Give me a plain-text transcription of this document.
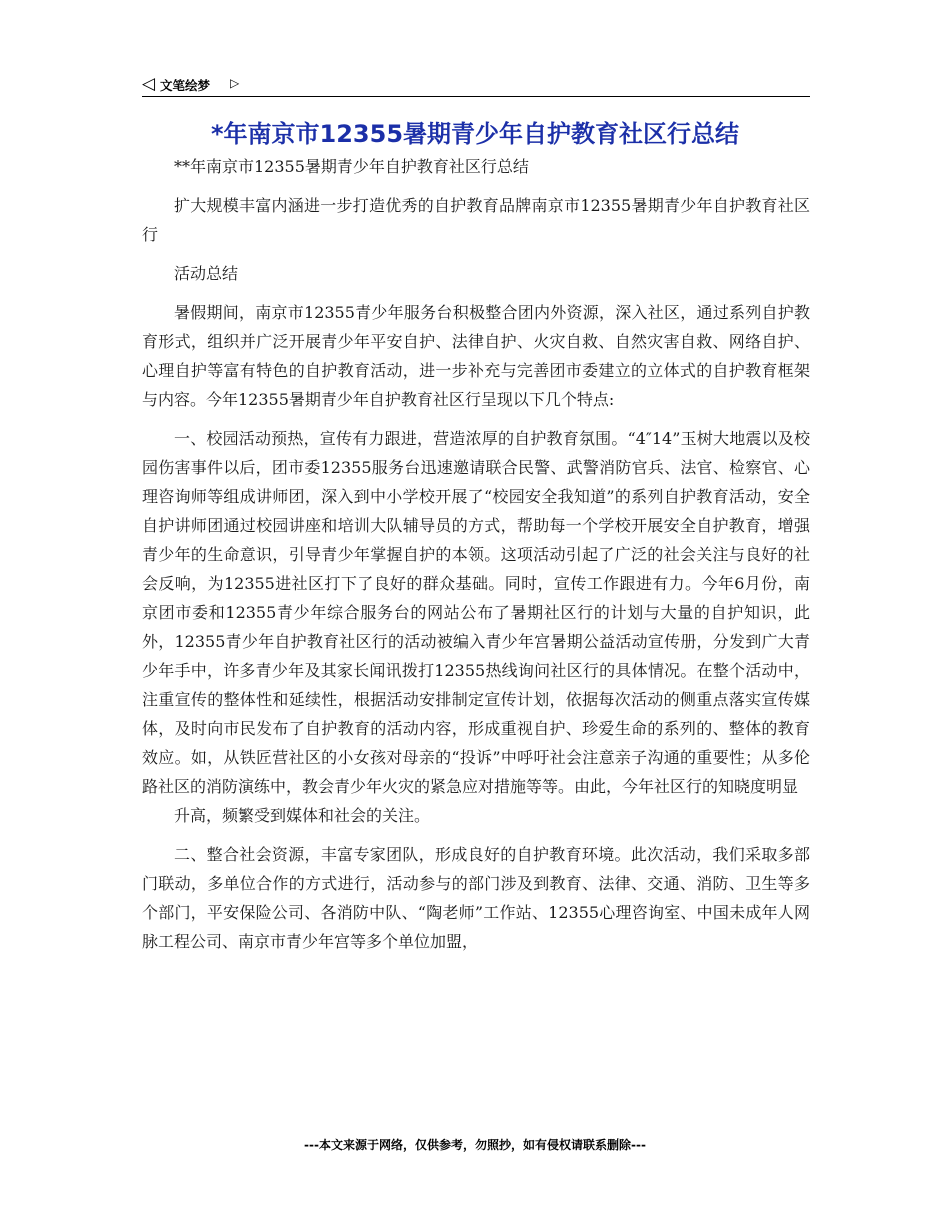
◁ 文笔绘梦 ▷
*年南京市12355暑期青少年自护教育社区行总结

**年南京市12355暑期青少年自护教育社区行总结

扩大规模丰富内涵进一步打造优秀的自护教育品牌南京市12355暑期青少年自护教育社区行

活动总结

暑假期间，南京市12355青少年服务台积极整合团内外资源，深入社区，通过系列自护教育形式，组织并广泛开展青少年平安自护、法律自护、火灾自救、自然灾害自救、网络自护、心理自护等富有特色的自护教育活动，进一步补充与完善团市委建立的立体式的自护教育框架与内容。今年12355暑期青少年自护教育社区行呈现以下几个特点:

一、校园活动预热，宣传有力跟进，营造浓厚的自护教育氛围。“4″14”玉树大地震以及校园伤害事件以后，团市委12355服务台迅速邀请联合民警、武警消防官兵、法官、检察官、心理咨询师等组成讲师团，深入到中小学校开展了“校园安全我知道”的系列自护教育活动，安全自护讲师团通过校园讲座和培训大队辅导员的方式，帮助每一个学校开展安全自护教育，增强青少年的生命意识，引导青少年掌握自护的本领。这项活动引起了广泛的社会关注与良好的社会反响，为12355进社区打下了良好的群众基础。同时，宣传工作跟进有力。今年6月份，南京团市委和12355青少年综合服务台的网站公布了暑期社区行的计划与大量的自护知识，此外，12355青少年自护教育社区行的活动被编入青少年宫暑期公益活动宣传册，分发到广大青少年手中，许多青少年及其家长闻讯拨打12355热线询问社区行的具体情况。在整个活动中，注重宣传的整体性和延续性，根据活动安排制定宣传计划，依据每次活动的侧重点落实宣传媒体，及时向市民发布了自护教育的活动内容，形成重视自护、珍爱生命的系列的、整体的教育效应。如，从铁匠营社区的小女孩对母亲的“投诉”中呼吁社会注意亲子沟通的重要性；从多伦路社区的消防演练中，教会青少年火灾的紧急应对措施等等。由此，今年社区行的知晓度明显

升高，频繁受到媒体和社会的关注。

二、整合社会资源，丰富专家团队，形成良好的自护教育环境。此次活动，我们采取多部门联动，多单位合作的方式进行，活动参与的部门涉及到教育、法律、交通、消防、卫生等多个部门，平安保险公司、各消防中队、“陶老师”工作站、12355心理咨询室、中国未成年人网脉工程公司、南京市青少年宫等多个单位加盟，

---本文来源于网络，仅供参考，勿照抄，如有侵权请联系删除---
